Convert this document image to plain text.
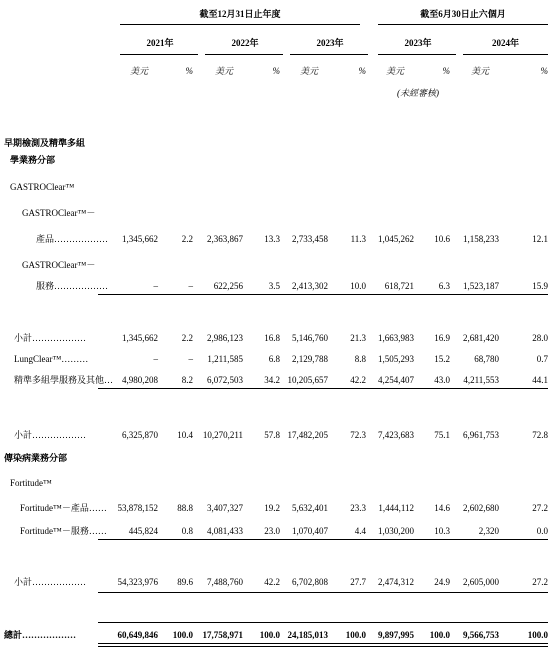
截至12月31日止年度	截至6月30日止六個月
2021年	2022年	2023年	2023年	2024年
美元	%	美元	%	美元	%	美元	%	美元	%
(未經審核)
早期檢測及精準多組
學業務分部
GASTROClear™
GASTROClear™－
產品………………	1,345,662	2.2	2,363,867	13.3	2,733,458	11.3	1,045,262	10.6	1,158,233	12.1
GASTROClear™－
服務………………	–	–	622,256	3.5	2,413,302	10.0	618,721	6.3	1,523,187	15.9
小計………………	1,345,662	2.2	2,986,123	16.8	5,146,760	21.3	1,663,983	16.9	2,681,420	28.0
LungClear™………	–	–	1,211,585	6.8	2,129,788	8.8	1,505,293	15.2	68,780	0.7
精準多組學服務及其他… 4,980,208	8.2	6,072,503	34.2 10,205,657	42.2	4,254,407	43.0	4,211,553	44.1
小計………………	6,325,870	10.4	10,270,211	57.8 17,482,205	72.3	7,423,683	75.1	6,961,753	72.8
傳染病業務分部
Fortitude™
Fortitude™－產品……	53,878,152	88.8	3,407,327	19.2	5,632,401	23.3	1,444,112	14.6	2,602,680	27.2
Fortitude™－服務……	445,824	0.8	4,081,433	23.0	1,070,407	4.4	1,030,200	10.3	2,320	0.0
小計………………	54,323,976	89.6	7,488,760	42.2	6,702,808	27.7	2,474,312	24.9	2,605,000	27.2
總計………………	60,649,846	100.0	17,758,971	100.0 24,185,013	100.0	9,897,995	100.0	9,566,753	100.0
